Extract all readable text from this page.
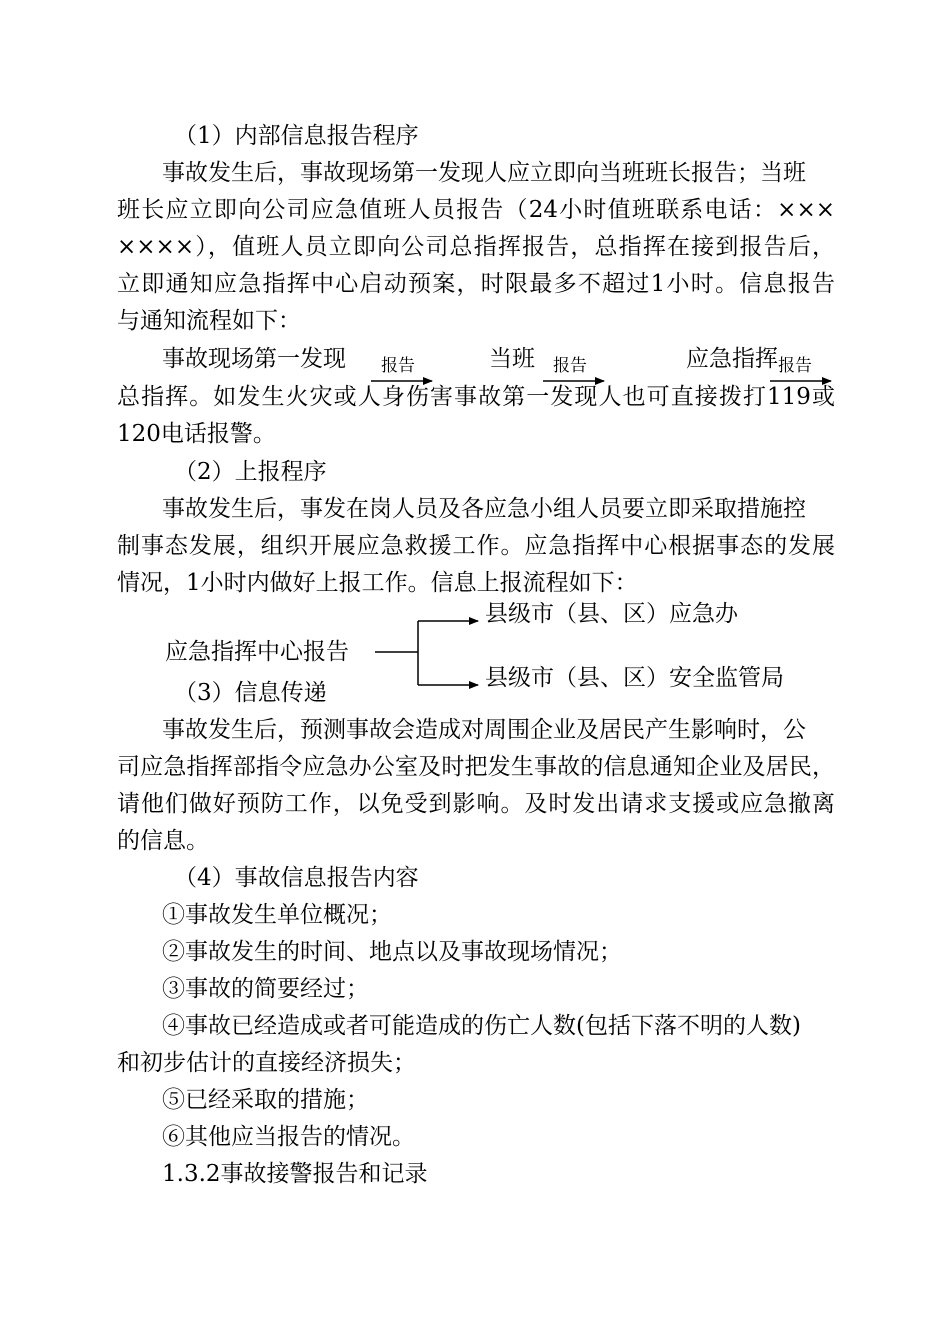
（1）内部信息报告程序
事故发生后，事故现场第一发现人应立即向当班班长报告；当班
班长应立即向公司应急值班人员报告（24小时值班联系电话：×××
××××），值班人员立即向公司总指挥报告，总指挥在接到报告后，
立即通知应急指挥中心启动预案，时限最多不超过1小时。信息报告
与通知流程如下：
事故现场第一发现	当班	应急指挥
报告	报告	报告
总指挥。如发生火灾或人身伤害事故第一发现人也可直接拨打119或
120电话报警。
（2）上报程序
事故发生后，事发在岗人员及各应急小组人员要立即采取措施控
制事态发展，组织开展应急救援工作。应急指挥中心根据事态的发展
情况，1小时内做好上报工作。信息上报流程如下：
应急指挥中心报告
县级市（县、区）应急办
县级市（县、区）安全监管局
（3）信息传递
事故发生后，预测事故会造成对周围企业及居民产生影响时，公
司应急指挥部指令应急办公室及时把发生事故的信息通知企业及居民，
请他们做好预防工作，以免受到影响。及时发出请求支援或应急撤离
的信息。
（4）事故信息报告内容
①事故发生单位概况；
②事故发生的时间、地点以及事故现场情况；
③事故的简要经过；
④事故已经造成或者可能造成的伤亡人数(包括下落不明的人数)
和初步估计的直接经济损失；
⑤已经采取的措施；
⑥其他应当报告的情况。
1.3.2事故接警报告和记录
